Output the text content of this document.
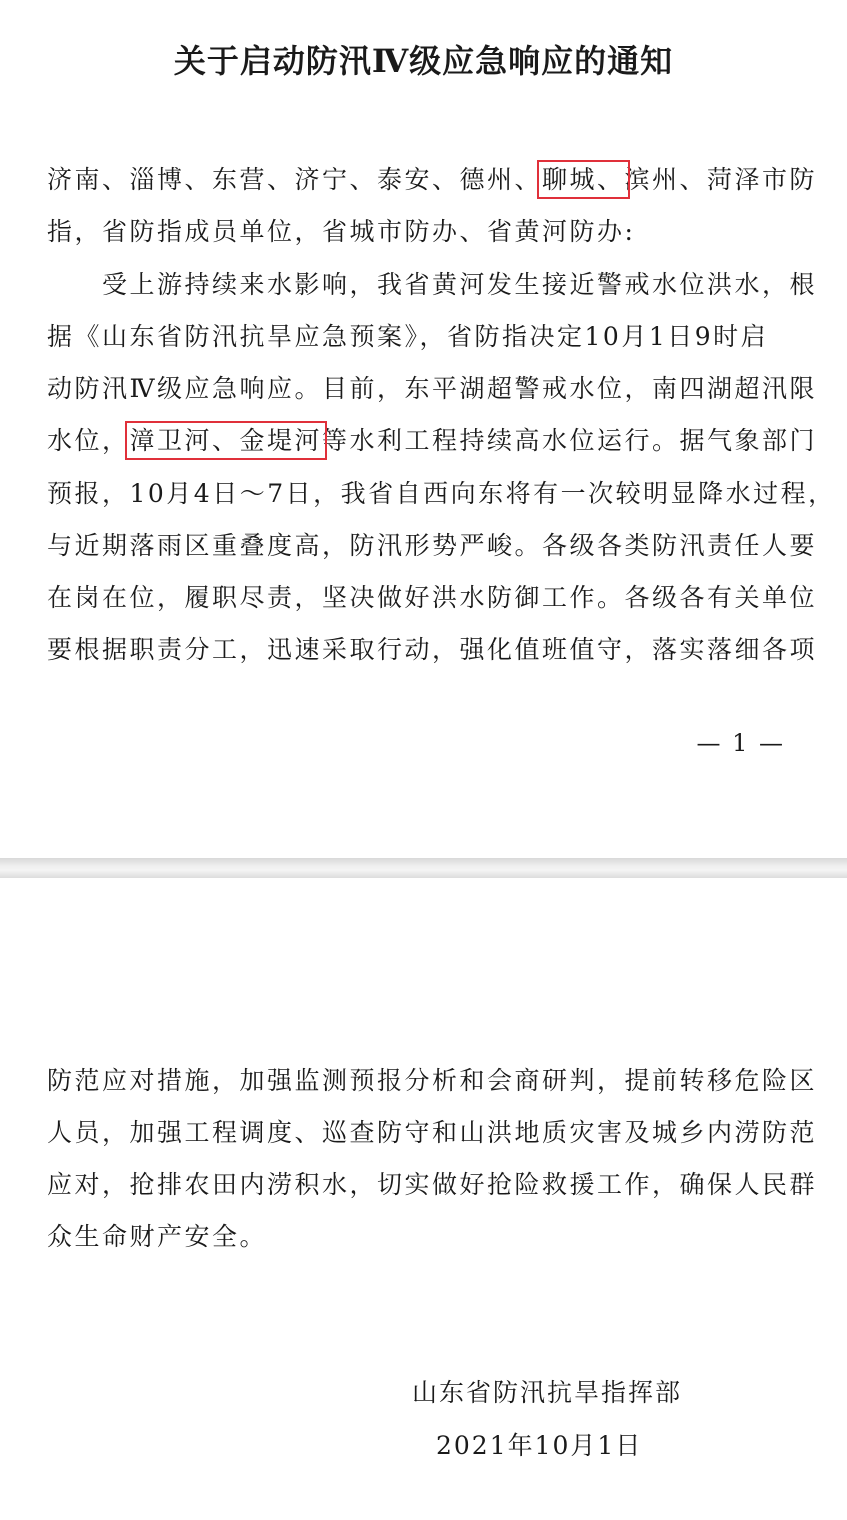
关于启动防汛Ⅳ级应急响应的通知
济南、淄博、东营、济宁、泰安、德州、聊城、滨州、菏泽市防
指，省防指成员单位，省城市防办、省黄河防办:
　　受上游持续来水影响，我省黄河发生接近警戒水位洪水，根
据《山东省防汛抗旱应急预案》，省防指决定10月1日9时启
动防汛Ⅳ级应急响应。目前，东平湖超警戒水位，南四湖超汛限
水位，漳卫河、金堤河等水利工程持续高水位运行。据气象部门
预报，10月4日～7日，我省自西向东将有一次较明显降水过程，
与近期落雨区重叠度高，防汛形势严峻。各级各类防汛责任人要
在岗在位，履职尽责，坚决做好洪水防御工作。各级各有关单位
要根据职责分工，迅速采取行动，强化值班值守，落实落细各项
— 1 —
防范应对措施，加强监测预报分析和会商研判，提前转移危险区
人员，加强工程调度、巡查防守和山洪地质灾害及城乡内涝防范
应对，抢排农田内涝积水，切实做好抢险救援工作，确保人民群
众生命财产安全。
山东省防汛抗旱指挥部
2021年10月1日
